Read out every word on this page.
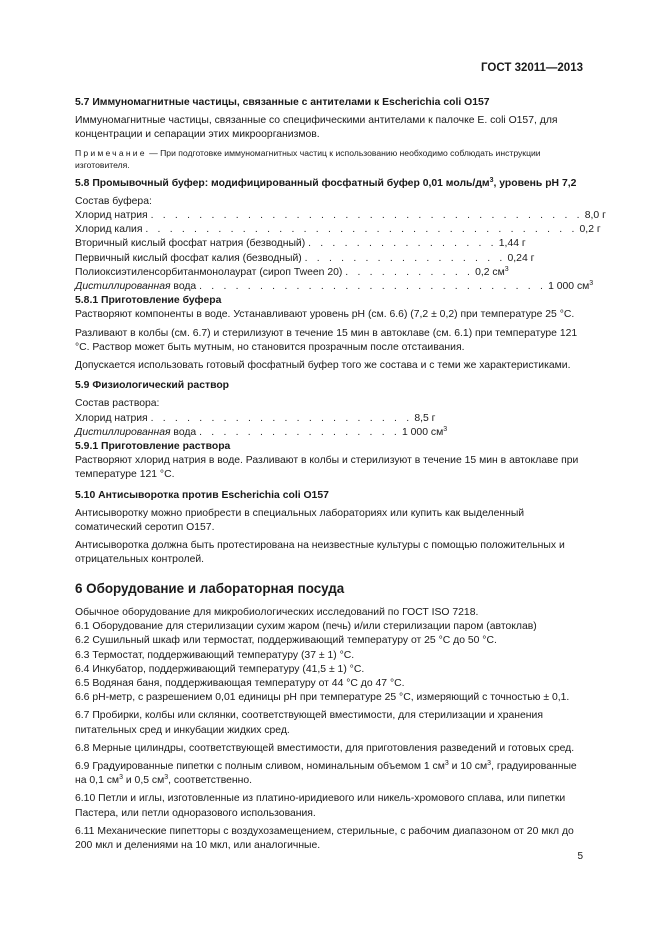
ГОСТ 32011—2013

5.7 Иммуномагнитные частицы, связанные с антителами к Escherichia coli О157

Иммуномагнитные частицы, связанные со специфическими антителами к палочке E. coli O157, для концентрации и сепарации этих микроорганизмов.

Примечание — При подготовке иммуномагнитных частиц к использованию необходимо соблюдать инструкции изготовителя.

5.8 Промывочный буфер: модифицированный фосфатный буфер 0,01 моль/$дм^3$, уровень рН 7,2

Состав буфера:

Хлорид натрия
. . . . . . . . . . . . . . . . . . . . . . . . . . . . . . . . . . . . 8,0 г
Хлорид калия
. . . . . . . . . . . . . . . . . . . . . . . . . . . . . . . . . . . . 0,2 г
Вторичный кислый фосфат натрия (безводный)
. . . . . . . . . . . . . . . . 1,44 г
Первичный кислый фосфат калия (безводный)
. . . . . . . . . . . . . . . . . 0,24 г
Полиоксиэтиленсорбитанмонолаурат (сироп Tween 20)
. . . . . . . . . . . 0,2 $см^3$
Дистиллированная вода
. . . . . . . . . . . . . . . . . . . . . . . . . . . . . 1 000 $см^3$

5.8.1 Приготовление буфера

Растворяют компоненты в воде. Устанавливают уровень pH (см. 6.6) (7,2 ± 0,2) при температуре 25 °С.

Разливают в колбы (см. 6.7) и стерилизуют в течение 15 мин в автоклаве (см. 6.1) при температуре 121 °С. Раствор может быть мутным, но становится прозрачным после отстаивания.

Допускается использовать готовый фосфатный буфер того же состава и с теми же характеристиками.

5.9 Физиологический раствор

Состав раствора:

Хлорид натрия
. . . . . . . . . . . . . . . . . . . . . . 8,5 г
Дистиллированная вода
. . . . . . . . . . . . . . . . . 1 000 $см^3$

5.9.1 Приготовление раствора

Растворяют хлорид натрия в воде. Разливают в колбы и стерилизуют в течение 15 мин в автоклаве при температуре 121 °С.

5.10 Антисыворотка против Escherichia coli O157

Антисыворотку можно приобрести в специальных лабораториях или купить как выделенный соматический серотип О157.

Антисыворотка должна быть протестирована на неизвестные культуры с помощью положительных и отрицательных контролей.

6 Оборудование и лабораторная посуда

Обычное оборудование для микробиологических исследований по ГОСТ ISO 7218.

6.1 Оборудование для стерилизации сухим жаром (печь) и/или стерилизации паром (автоклав)

6.2 Сушильный шкаф или термостат, поддерживающий температуру от 25 °С до 50 °С.

6.3 Термостат, поддерживающий температуру (37 ± 1) °С.

6.4 Инкубатор, поддерживающий температуру (41,5 ± 1) °С.

6.5 Водяная баня, поддерживающая температуру от 44 °С до 47 °С.

6.6 рН-метр, с разрешением 0,01 единицы pH при температуре 25 °С, измеряющий с точностью ± 0,1.

6.7 Пробирки, колбы или склянки, соответствующей вместимости, для стерилизации и хранения питательных сред и инкубации жидких сред.

6.8 Мерные цилиндры, соответствующей вместимости, для приготовления разведений и готовых сред.

6.9 Градуированные пипетки с полным сливом, номинальным объемом 1 $см^3$ и 10 $см^3$, градуированные на 0,1 $см^3$ и 0,5 $см^3$, соответственно.

6.10 Петли и иглы, изготовленные из платино-иридиевого или никель-хромового сплава, или пипетки Пастера, или петли одноразового использования.

6.11 Механические пипетторы с воздухозамещением, стерильные, с рабочим диапазоном от 20 мкл до 200 мкл и делениями на 10 мкл, или аналогичные.

5
